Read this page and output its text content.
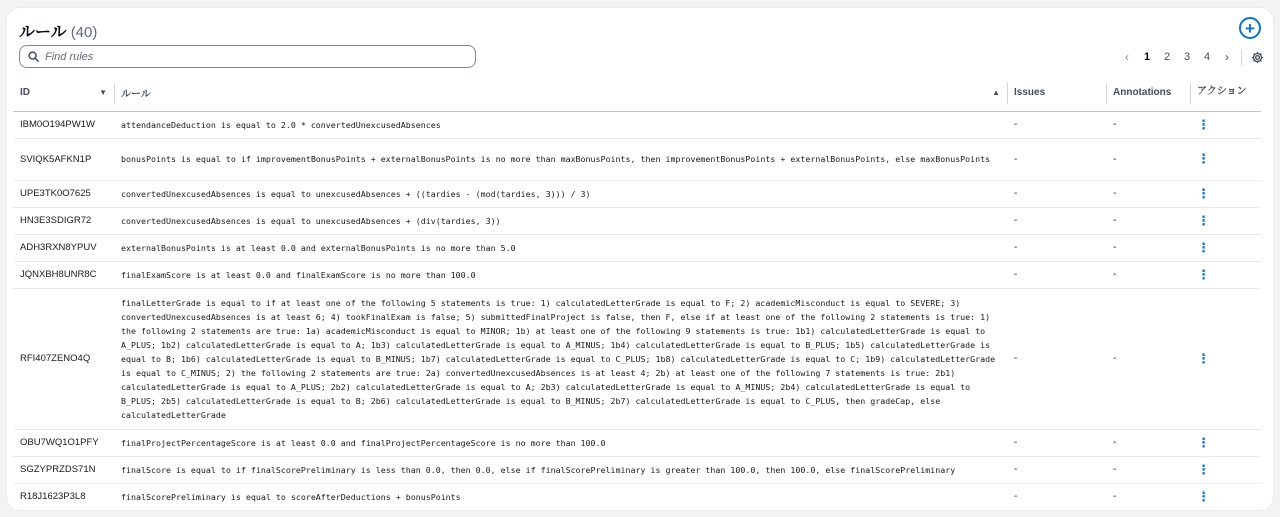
ルール (40)	+
Find rules
‹	1	2	3	4	›
ID ▼	ルール ▲	Issues	Annotations	アクション
IBM0O194PW1W	attendanceDeduction is equal to 2.0 * convertedUnexcusedAbsences	-	-	⋮
SVIQK5AFKN1P	bonusPoints is equal to if improvementBonusPoints + externalBonusPoints is no more than maxBonusPoints, then improvementBonusPoints + externalBonusPoints, else maxBonusPoints	-	-	⋮
UPE3TK0O7625	convertedUnexcusedAbsences is equal to unexcusedAbsences + ((tardies - (mod(tardies, 3))) / 3)	-	-	⋮
HN3E3SDIGR72	convertedUnexcusedAbsences is equal to unexcusedAbsences + (div(tardies, 3))	-	-	⋮
ADH3RXN8YPUV	externalBonusPoints is at least 0.0 and externalBonusPoints is no more than 5.0	-	-	⋮
JQNXBH8UNR8C	finalExamScore is at least 0.0 and finalExamScore is no more than 100.0	-	-	⋮
RFI407ZENO4Q	finalLetterGrade is equal to if at least one of the following 5 statements is true: 1) calculatedLetterGrade is equal to F; 2) academicMisconduct is equal to SEVERE; 3) convertedUnexcusedAbsences is at least 6; 4) tookFinalExam is false; 5) submittedFinalProject is false, then F, else if at least one of the following 2 statements is true: 1) the following 2 statements are true: 1a) academicMisconduct is equal to MINOR; 1b) at least one of the following 9 statements is true: 1b1) calculatedLetterGrade is equal to A_PLUS; 1b2) calculatedLetterGrade is equal to A; 1b3) calculatedLetterGrade is equal to A_MINUS; 1b4) calculatedLetterGrade is equal to B_PLUS; 1b5) calculatedLetterGrade is equal to B; 1b6) calculatedLetterGrade is equal to B_MINUS; 1b7) calculatedLetterGrade is equal to C_PLUS; 1b8) calculatedLetterGrade is equal to C; 1b9) calculatedLetterGrade is equal to C_MINUS; 2) the following 2 statements are true: 2a) convertedUnexcusedAbsences is at least 4; 2b) at least one of the following 7 statements is true: 2b1) calculatedLetterGrade is equal to A_PLUS; 2b2) calculatedLetterGrade is equal to A; 2b3) calculatedLetterGrade is equal to A_MINUS; 2b4) calculatedLetterGrade is equal to B_PLUS; 2b5) calculatedLetterGrade is equal to B; 2b6) calculatedLetterGrade is equal to B_MINUS; 2b7) calculatedLetterGrade is equal to C_PLUS, then gradeCap, else calculatedLetterGrade	-	-	⋮
OBU7WQ1O1PFY	finalProjectPercentageScore is at least 0.0 and finalProjectPercentageScore is no more than 100.0	-	-	⋮
SGZYPRZDS71N	finalScore is equal to if finalScorePreliminary is less than 0.0, then 0.0, else if finalScorePreliminary is greater than 100.0, then 100.0, else finalScorePreliminary	-	-	⋮
R18J1623P3L8	finalScorePreliminary is equal to scoreAfterDeductions + bonusPoints	-	-	⋮
